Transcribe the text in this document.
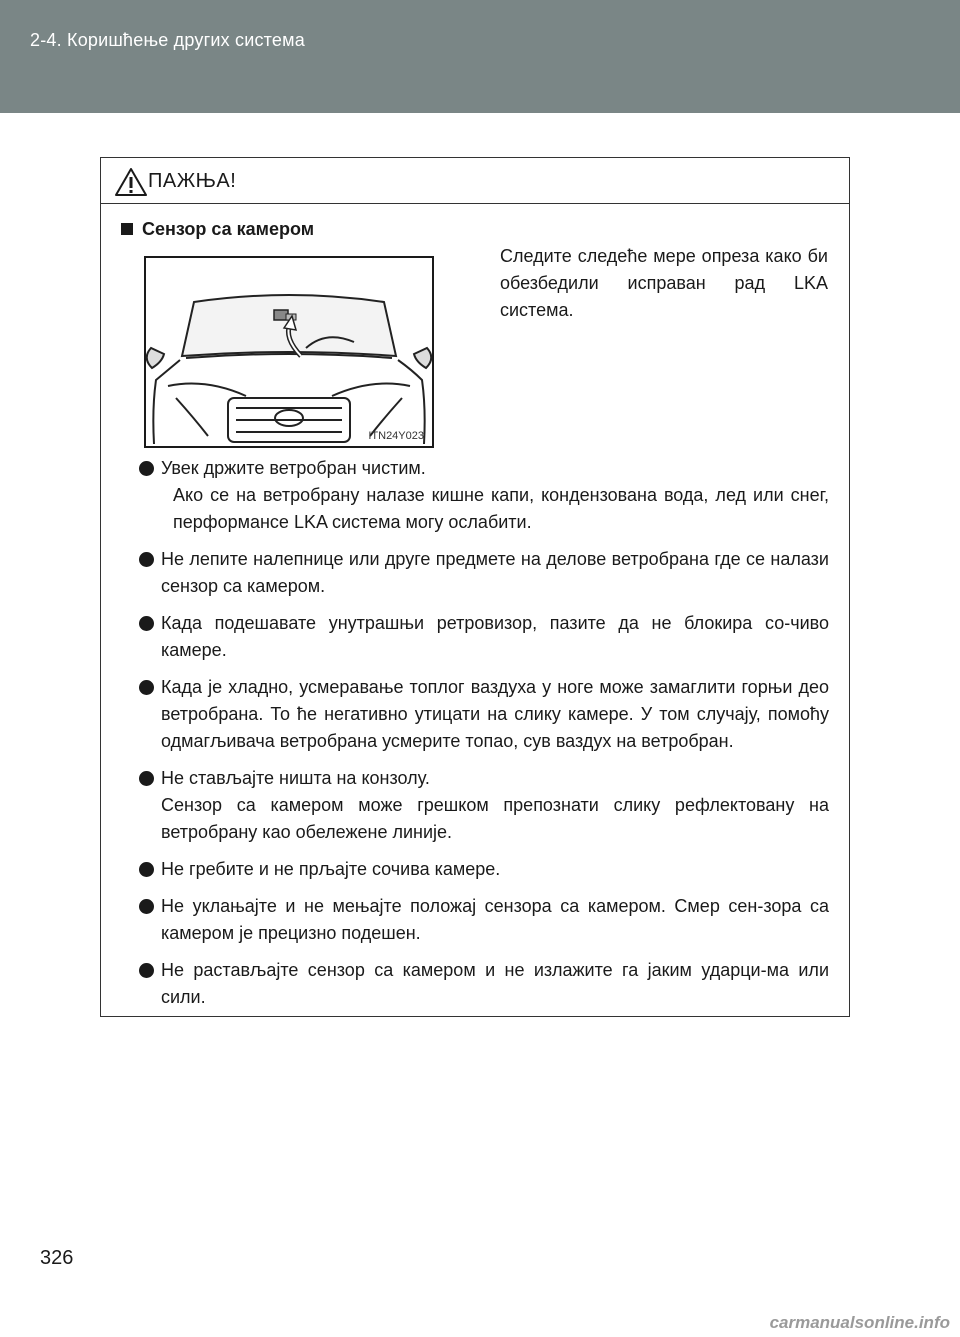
2-4. Коришћење других система
ПАЖЊА!
Сензор са камером
Следите следеће мере опреза како би обезбедили исправан рад LKA система.
ITN24Y023
Увек држите ветробран чистим.
Ако се на ветробрану налазе кишне капи, кондензована вода, лед или снег, перформансе LKA система могу ослабити.
Не лепите налепнице или друге предмете на делове ветробрана где се налази сензор са камером.
Када подешавате унутрашњи ретровизор, пазите да не блокира со-чиво камере.
Када је хладно, усмеравање топлог ваздуха у ноге може замаглити горњи део ветробрана. То ће негативно утицати на слику камере. У том случају, помоћу одмагљивача ветробрана усмерите топао, сув ваздух на ветробран.
Не стављајте ништа на конзолу.
Сензор са камером може грешком препознати слику рефлектовану на ветробрану као обележене линије.
Не гребите и не прљајте сочива камере.
Не уклањајте и не мењајте положај сензора са камером. Смер сен-зора са камером је прецизно подешен.
Не растављајте сензор са камером и не излажите га јаким ударци-ма или сили.
326
carmanualsonline.info
